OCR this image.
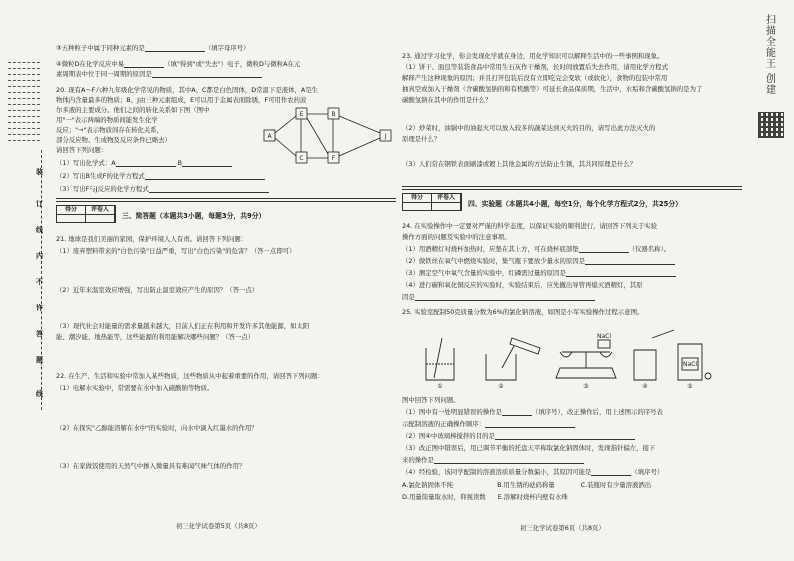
装
订
线
内
不
许
答
题
线
③五种粒子中属于同种元素的是	（填字母序号）
④微粒D在化学反应中易	（填"得到"或"失去"）电子，微粒D与微粒A在元
素周期表中位于同一周期的原因是
20. 现有A～F六种九年级化学常见的物质，其中A、C都是白色固体，D常温下是液体，A是生
物体内含量最多的物质；B、J由三种元素组成，E可以用于金属表面除锈，F可用作农药波
尔多液的主要成分。他们之间的转化关系如下图（图中
用"一"表示两端的物质间能发生化学
反应；"→"表示物质间存在转化关系，
部分反应物、生成物及反应条件已略去）
请回答下列问题：
（1）写出化学式：A	B
（2）写出B生成F的化学方程式
（3）写出F与J反应的化学方程式
A
E	B
J
F
C
得分	评卷人
三、简答题（本题共3小题，每题3分，共9分）
21. 地球是我们美丽的家园，保护环境人人有责。请回答下列问题：
（1）废弃塑料带来的"白色污染"日益严重，写出"白色污染"的危害？（答一点即可）
（2）近年来温室效应增强，写出防止温室效应产生的原因？（答一点）
（3）现代社会对能量的需求量越来越大，目前人们正在利用和开发许多其他能源，如太阳
能、潮汐能、地热能等，这些能源的利用能解决哪些问题？（答一点）
22. 在生产、生活和实验中常加入某些物质，这些物质从中起着重要的作用，请回答下列问题：
（1）电解水实验中，常需要在水中加入硫酸钠等物质。
（2）在探究"乙醇能溶解在水中"的实验时，向水中滴入红墨水的作用？
（3）在家做饭使用的天然气中掺入微量具有难闻气味气体的作用？
初三化学试卷第5页（共8页）
23. 通过学习化学，你会发现化学就在身边，用化学知识可以解释生活中的一些事例和现象。
（1）饼干、面包等装袋食品中常用生石灰作干燥剂，长时间放置后失去作用，请用化学方程式
解释产生这种现象的原因；并且打开包装后没有立即吃完会变软（或软化），食物的包装中常用
抽真空或加入干燥剂（含碳酸氢钠的和有机酸等）可延长食品保质期，生活中，水垢和含碳酸氢钠的是为了
碳酸氢钠在其中的作用是什么？
（2）炒菜时，油锅中的油起火可以放入较多的蔬菜达到灭火的目的，请写出此方法灭火的
原理是什么？
（3）人们常在钢铁表面刷漆或镀上其他金属的方法防止生锈，其共同原理是什么？
得分	评卷人
四、实验题（本题共4小题，每空1分，每个化学方程式2分，共25分）
24. 在实验操作中一定要对严谨的科学态度，以保证实验的顺利进行，请回答下列关于实验
操作方面的问题及实验中的注意事项。
（1）用酒精灯对烧杯加热时，应垫在其上方，可在烧杯底部垫	（仪器名称）。
（2）做铁丝在氧气中燃烧实验时，集气瓶下要放少量水的原因是
（3）测定空气中氧气含量的实验中，红磷需过量的原因是
（4）进行碳和氧化铜反应的实验时，实验结束后，应先撤出导管再熄灭酒精灯，其原
因是
25. 实验室配制50克质量分数为6%的氯化钠溶液，如图是小军实验操作过程示意图。
NaCl
NaCl
①	②	③	④	⑤
图中回答下列问题。
（1）图中有一处明显错误的操作是	（填序号），改正操作后，用上述图示的序号表
示配制溶液的正确操作顺序：
（2）图④中玻璃棒搅拌的目的是
（3）改正图中错误后，用已调节平衡的托盘天平称取氯化钠固体时，发现指针偏左，接下
来的操作是
（4）经检验，该同学配制的溶液溶质质量分数偏小，其原因可能是	（填序号）
A.氯化钠固体不纯	B.用生锈的砝码称量	C.装瓶时有少量溶液洒出
D.用量筒量取水时，仰视读数 E.溶解时烧杯内壁有水珠
初三化学试卷第6页（共8页）
扫描全能王 创建
